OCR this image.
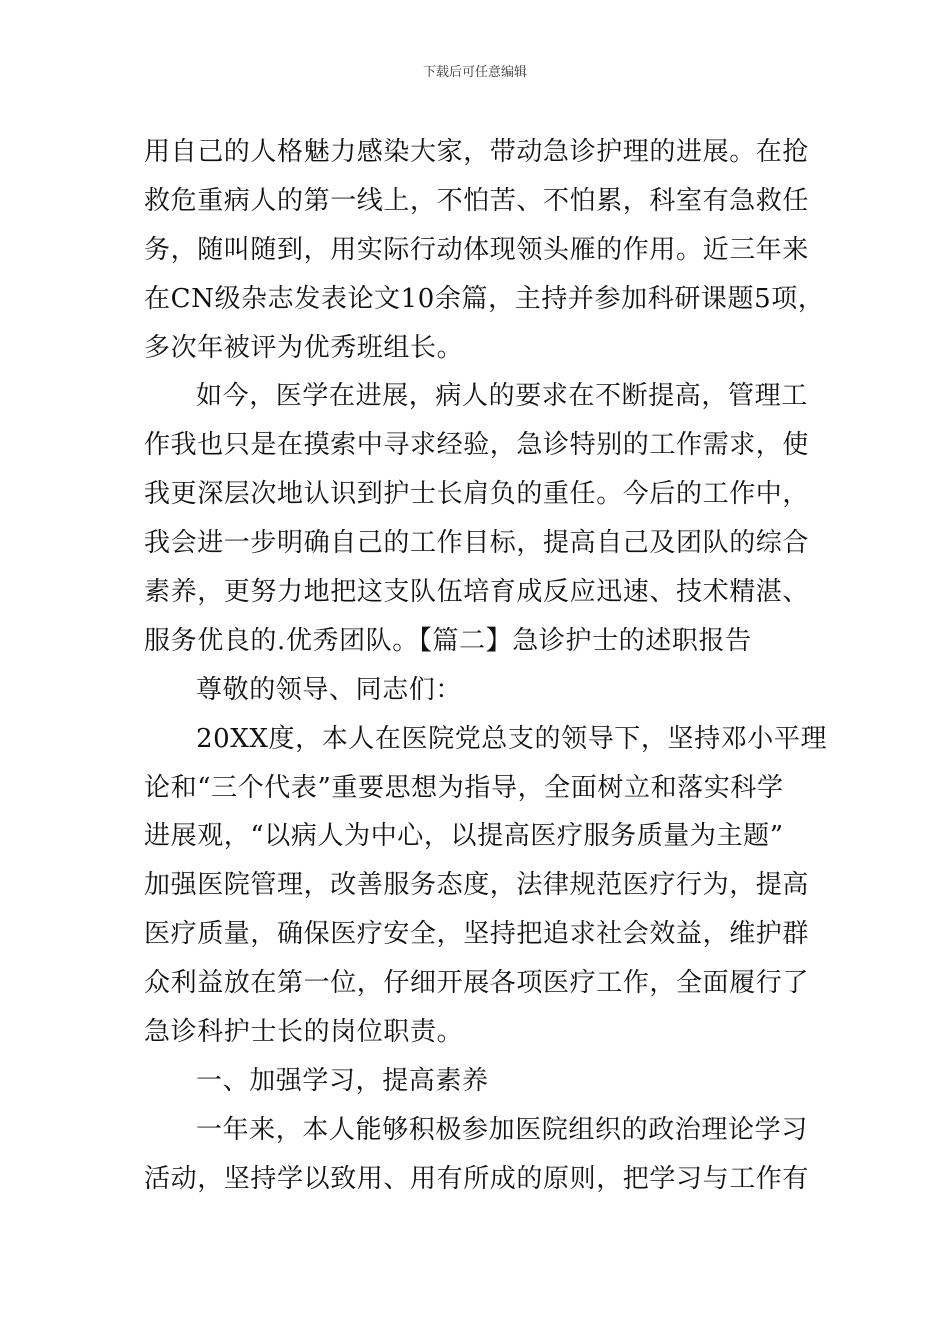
下载后可任意编辑
用自己的人格魅力感染大家，带动急诊护理的进展。在抢
救危重病人的第一线上，不怕苦、不怕累，科室有急救任
务，随叫随到，用实际行动体现领头雁的作用。近三年来
在CN级杂志发表论文10余篇，主持并参加科研课题5项，
多次年被评为优秀班组长。
如今，医学在进展，病人的要求在不断提高，管理工
作我也只是在摸索中寻求经验，急诊特别的工作需求，使
我更深层次地认识到护士长肩负的重任。今后的工作中，
我会进一步明确自己的工作目标，提高自己及团队的综合
素养，更努力地把这支队伍培育成反应迅速、技术精湛、
服务优良的.优秀团队。【篇二】急诊护士的述职报告
尊敬的领导、同志们：
20XX度，本人在医院党总支的领导下，坚持邓小平理
论和“三个代表”重要思想为指导，全面树立和落实科学
进展观，“以病人为中心，以提高医疗服务质量为主题”
加强医院管理，改善服务态度，法律规范医疗行为，提高
医疗质量，确保医疗安全，坚持把追求社会效益，维护群
众利益放在第一位，仔细开展各项医疗工作，全面履行了
急诊科护士长的岗位职责。
一、加强学习，提高素养
一年来，本人能够积极参加医院组织的政治理论学习
活动，坚持学以致用、用有所成的原则，把学习与工作有
